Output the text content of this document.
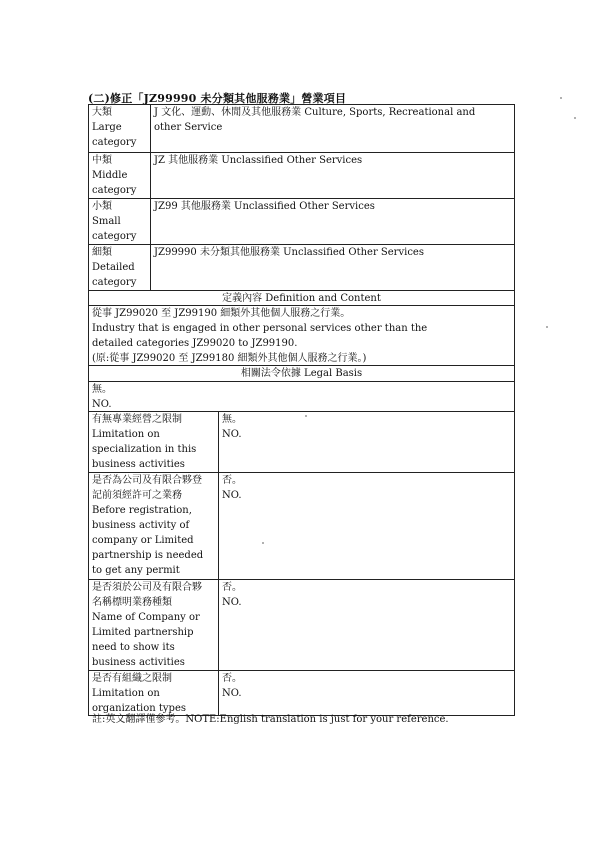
(二)修正「JZ99990 未分類其他服務業」營業項目
大類
Large
category
J 文化、運動、休閒及其他服務業 Culture, Sports, Recreational and other Service
中類
Middle
category
JZ 其他服務業 Unclassified Other Services
小類
Small
category
JZ99 其他服務業 Unclassified Other Services
細類
Detailed
category
JZ99990 未分類其他服務業 Unclassified Other Services
定義內容 Definition and Content
從事 JZ99020 至 JZ99190 細類外其他個人服務之行業。
Industry that is engaged in other personal services other than the
detailed categories JZ99020 to JZ99190.
(原:從事 JZ99020 至 JZ99180 細類外其他個人服務之行業。)
相關法令依據 Legal Basis
無。
NO.
有無專業經營之限制
Limitation on
specialization in this
business activities
無。
NO.
是否為公司及有限合夥登
記前須經許可之業務
Before registration,
business activity of
company or Limited
partnership is needed
to get any permit
否。
NO.
是否須於公司及有限合夥
名稱標明業務種類
Name of Company or
Limited partnership
need to show its
business activities
否。
NO.
是否有組織之限制
Limitation on
organization types
否。
NO.
註:英文翻譯僅參考。NOTE:English translation is just for your reference.
